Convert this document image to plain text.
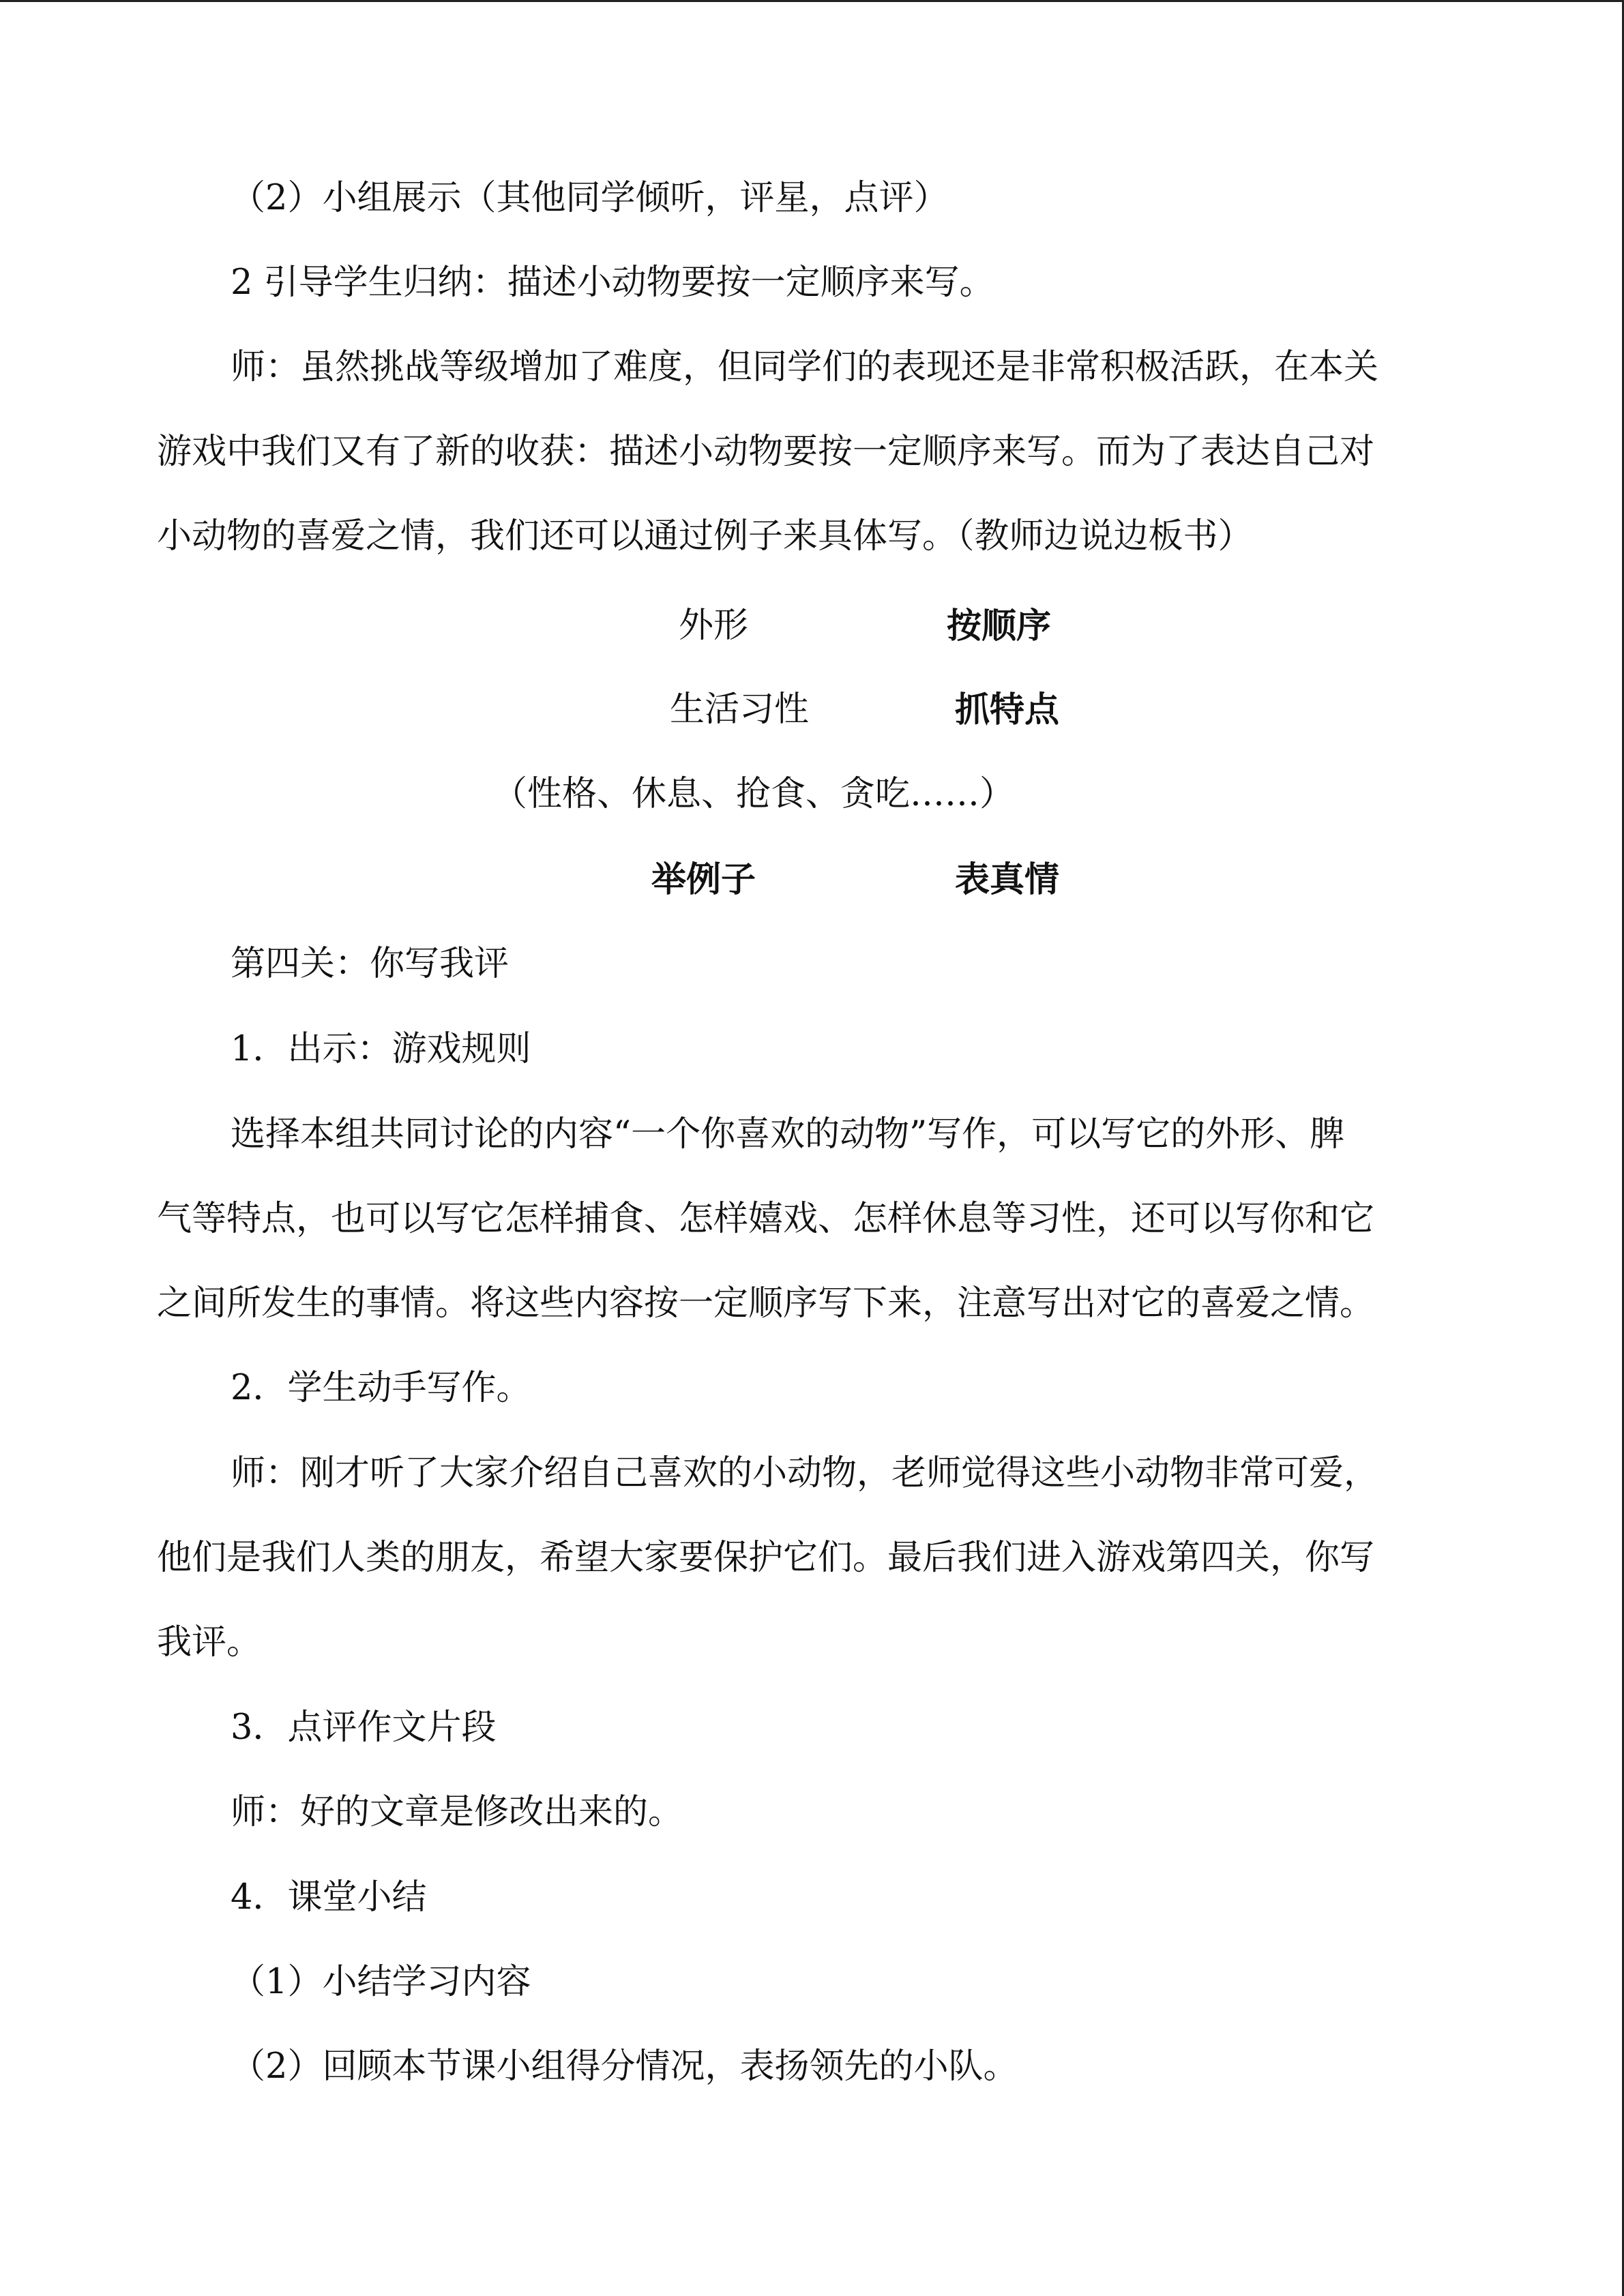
（2）小组展示（其他同学倾听，评星，点评）
2 引导学生归纳：描述小动物要按一定顺序来写。
师：虽然挑战等级增加了难度，但同学们的表现还是非常积极活跃，在本关
游戏中我们又有了新的收获：描述小动物要按一定顺序来写。而为了表达自己对
小动物的喜爱之情，我们还可以通过例子来具体写。（教师边说边板书）
外形	按顺序
生活习性	抓特点
（性格、休息、抢食、贪吃……）
举例子	表真情
第四关：你写我评
1．出示：游戏规则
选择本组共同讨论的内容“一个你喜欢的动物”写作，可以写它的外形、脾
气等特点，也可以写它怎样捕食、怎样嬉戏、怎样休息等习性，还可以写你和它
之间所发生的事情。将这些内容按一定顺序写下来，注意写出对它的喜爱之情。
2．学生动手写作。
师：刚才听了大家介绍自己喜欢的小动物，老师觉得这些小动物非常可爱，
他们是我们人类的朋友，希望大家要保护它们。最后我们进入游戏第四关，你写
我评。
3．点评作文片段
师：好的文章是修改出来的。
4．课堂小结
（1）小结学习内容
（2）回顾本节课小组得分情况，表扬领先的小队。
